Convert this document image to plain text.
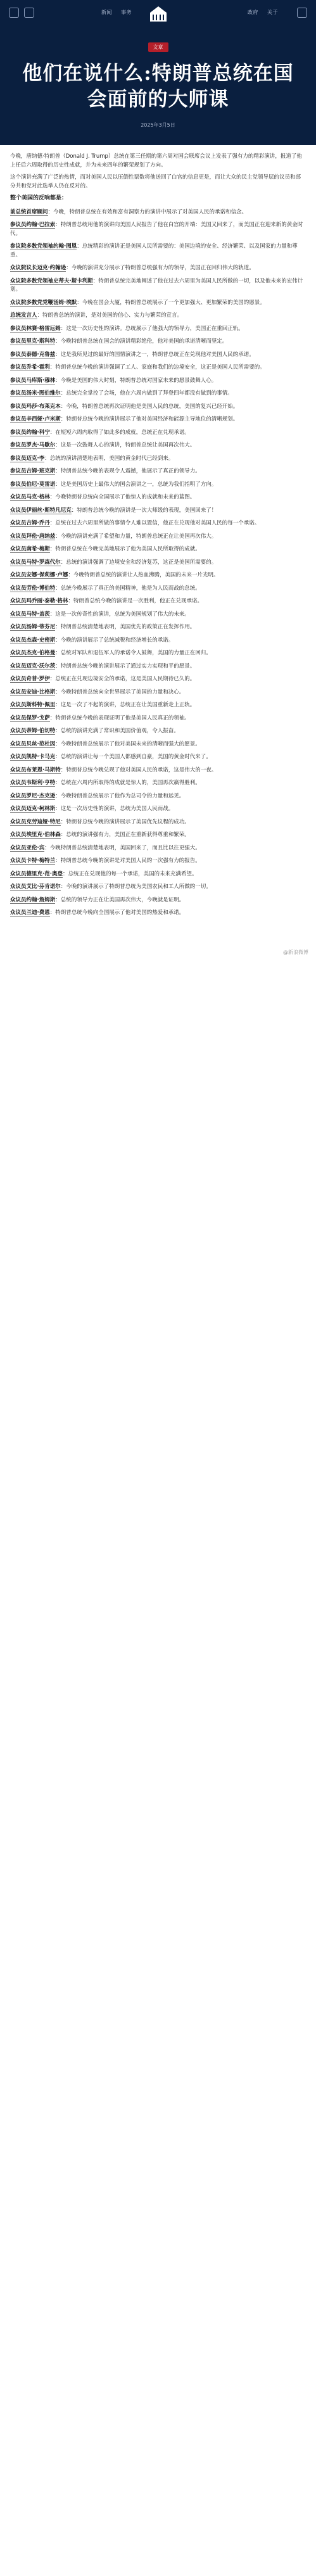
新闻 事务	政府 关于
文章
他们在说什么:特朗普总统在国会面前的大师课
2025年3月5日

今晚，唐纳德·特朗普（Donald J. Trump）总统在第三任期的第六周对国会联席会议上发表了强有力的精彩演讲，报道了他上任后六周取得的历史性成就，并为未来四年的繁荣规划了方向。

这个演讲充满了广泛的热情，而对美国人民以压倒性票数将他送回了白宫的信息更是，而让大众的民主党领导层的议员和部分共和党对此选举人仍在反对的。

整个美国的反响都是：
前总统首席顾问：今晚，特朗普总统在有效和富有洞察力的演讲中展示了对美国人民的承诺和信念。
参议员约翰·巴拉索：特朗普总统用他的演讲向美国人民报告了他在白宫的开端：美国又回来了，而美国正在迎来新的黄金时代。
参议院多数党领袖约翰·图恩：总统精彩的演讲正是美国人民所需要的：美国边境的安全、经济繁荣、以及国家的力量和尊重。
众议院议长迈克·约翰逊：今晚的演讲充分展示了特朗普总统强有力的领导，美国正在回归伟大的轨道。
众议院多数党领袖史蒂夫·斯卡利斯：特朗普总统完美地阐述了他在过去六周里为美国人民所做的一切，以及他未来的宏伟计划。
众议院多数党党鞭汤姆·埃默：今晚在国会大厦，特朗普总统展示了一个更加强大、更加繁荣的美国的愿景。
总统发言人：特朗普总统的演讲，是对美国的信心、实力与繁荣的宣言。
参议员林赛·格雷厄姆：这是一次历史性的演讲。总统展示了他强大的领导力，美国正在重回正轨。
参议员里克·斯科特：今晚特朗普总统在国会的演讲精彩绝伦，他对美国的承诺清晰而坚定。
参议员泰德·克鲁兹：这是我所见过的最好的国情演讲之一，特朗普总统正在兑现他对美国人民的承诺。
参议员乔希·霍利：特朗普总统今晚的演讲强调了工人、家庭和我们的边境安全，这正是美国人民所需要的。
参议员马库斯·穆林：今晚是美国的伟大时刻，特朗普总统对国家未来的愿景鼓舞人心。
参议员汤米·图伯维尔：总统完全掌控了会场，他在六周内做到了拜登四年都没有做到的事情。
参议员玛莎·布莱克本：今晚，特朗普总统再次证明他是美国人民的总统，美国的复兴已经开始。
参议员辛西娅·卢米斯：特朗普总统今晚的演讲展示了他对美国经济和能源主导地位的清晰规划。
参议员约翰·科宁：在短短六周内取得了如此多的成就，总统正在兑现承诺。
参议员罗杰·马歇尔：这是一次鼓舞人心的演讲，特朗普总统让美国再次伟大。
参议员迈克·李：总统的演讲清楚地表明，美国的黄金时代已经到来。
参议员吉姆·班克斯：特朗普总统今晚的表现令人震撼，他展示了真正的领导力。
参议员伯尼·莫雷诺：这是美国历史上最伟大的国会演讲之一，总统为我们指明了方向。
众议员马克·格林：今晚特朗普总统向全国展示了他惊人的成就和未来的蓝图。
众议员伊丽丝·斯特凡尼克：特朗普总统今晚的演讲是一次大师级的表现，美国回来了！
众议员吉姆·乔丹：总统在过去六周里所做的事情令人难以置信，他正在兑现他对美国人民的每一个承诺。
众议员拜伦·唐纳兹：今晚的演讲充满了希望和力量，特朗普总统正在让美国再次伟大。
众议员南希·梅斯：特朗普总统在今晚完美地展示了他为美国人民所取得的成就。
众议员马特·罗森代尔：总统的演讲强调了边境安全和经济复苏，这正是美国所需要的。
众议员安娜·保莉娜·卢娜：今晚特朗普总统的演讲让人热血沸腾，美国的未来一片光明。
众议员劳伦·博伯特：总统今晚展示了真正的美国精神，他是为人民而战的总统。
众议员玛乔丽·泰勒·格林：特朗普总统今晚的演讲是一次胜利，他正在兑现承诺。
众议员马特·盖茨：这是一次传奇性的演讲，总统为美国规划了伟大的未来。
众议员汤姆·蒂芬尼：特朗普总统清楚地表明，美国优先的政策正在发挥作用。
众议员杰森·史密斯：今晚的演讲展示了总统减税和经济增长的承诺。
众议员杰克·伯格曼：总统对军队和退伍军人的承诺令人鼓舞，美国的力量正在回归。
众议员迈克·沃尔茨：特朗普总统今晚的演讲展示了通过实力实现和平的愿景。
众议员奇普·罗伊：总统正在兑现边境安全的承诺，这是美国人民期待已久的。
众议员安迪·比格斯：今晚特朗普总统向全世界展示了美国的力量和决心。
众议员斯科特·佩里：这是一次了不起的演讲，总统正在让美国重新走上正轨。
众议员保罗·戈萨：特朗普总统今晚的表现证明了他是美国人民真正的领袖。
众议员蒂姆·伯切特：总统的演讲充满了常识和美国价值观，令人振奋。
众议员贝丝·范杜因：今晚特朗普总统展示了他对美国未来的清晰而强大的愿景。
众议员凯特·卡马克：总统的演讲让每一个美国人都感到自豪，美国的黄金时代来了。
众议员布莱恩·马斯特：特朗普总统今晚兑现了他对美国人民的承诺，这是伟大的一夜。
众议员韦斯利·亨特：总统在六周内所取得的成就是惊人的，美国再次赢得胜利。
众议员罗尼·杰克逊：今晚特朗普总统展示了他作为总司令的力量和远见。
众议员迈克·柯林斯：这是一次历史性的演讲，总统为美国人民而战。
众议员克劳迪娅·特尼：特朗普总统今晚的演讲展示了美国优先议程的成功。
众议员埃里克·伯林森：总统的演讲强有力，美国正在重新获得尊重和繁荣。
众议员亚伦·宾：今晚特朗普总统清楚地表明，美国回来了，而且比以往更强大。
众议员卡特·梅特兰：特朗普总统今晚的演讲是对美国人民的一次强有力的报告。
众议员德里克·范·奥登：总统正在兑现他的每一个承诺，美国的未来充满希望。
众议员艾比·芬肯诺尔：今晚的演讲展示了特朗普总统为美国农民和工人所做的一切。
众议员约翰·詹姆斯：总统的领导力正在让美国再次伟大，今晚就是证明。
众议员兰迪·费恩：特朗普总统今晚向全国展示了他对美国的热爱和承诺。
@新浪微博
